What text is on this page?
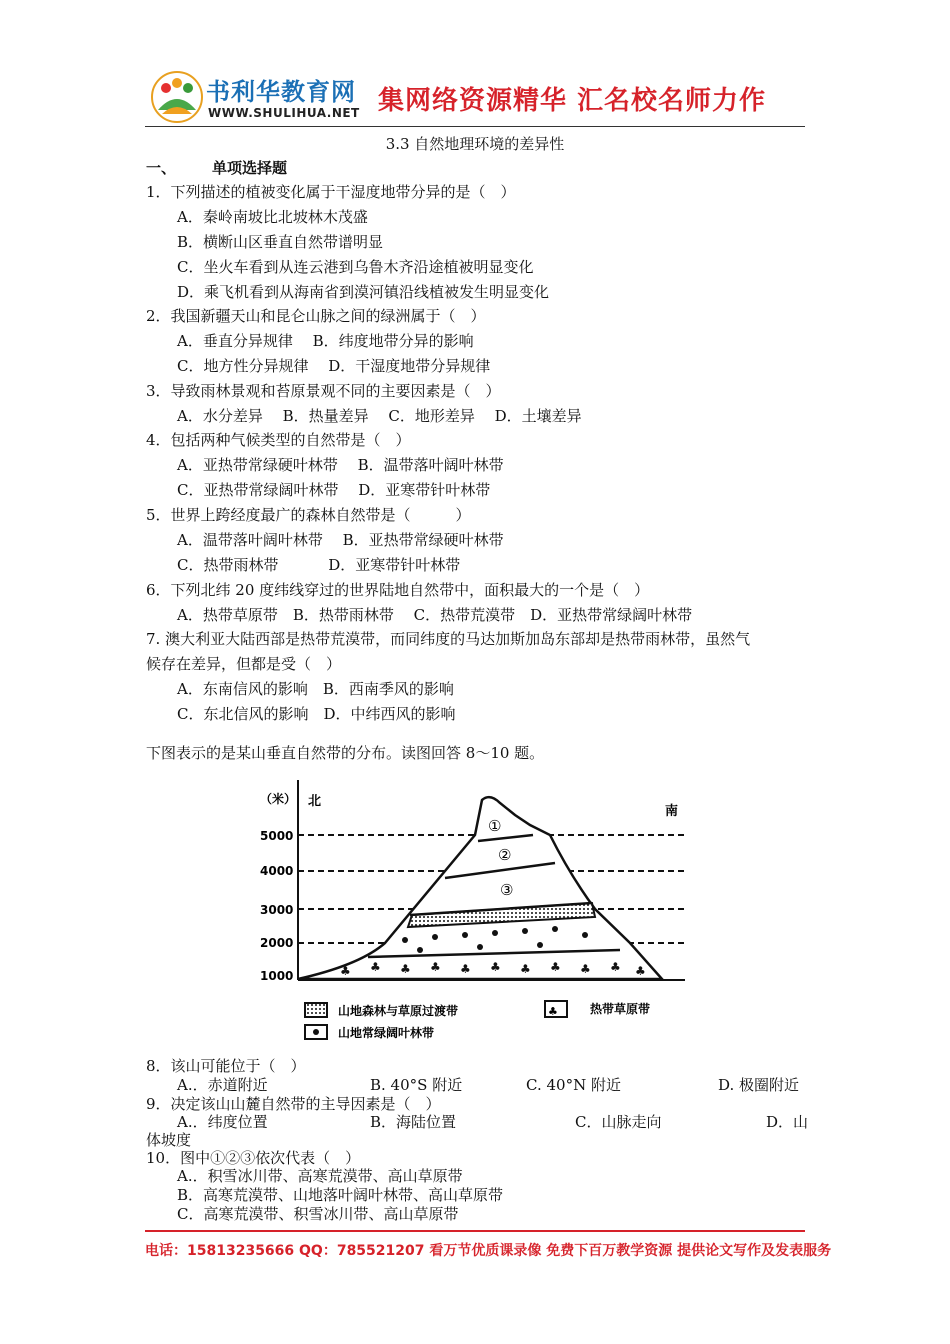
书利华教育网
WWW.SHULIHUA.NET 集网络资源精华 汇名校名师力作
3.3 自然地理环境的差异性
一、 单项选择题
1．下列描述的植被变化属于干湿度地带分异的是（　）
A．秦岭南坡比北坡林木茂盛
B．横断山区垂直自然带谱明显
C．坐火车看到从连云港到乌鲁木齐沿途植被明显变化
D．乘飞机看到从海南省到漠河镇沿线植被发生明显变化
2．我国新疆天山和昆仑山脉之间的绿洲属于（　）
A．垂直分异规律　 B．纬度地带分异的影响
C．地方性分异规律　 D．干湿度地带分异规律
3．导致雨林景观和苔原景观不同的主要因素是（　）
A．水分差异　 B．热量差异　 C．地形差异　 D．土壤差异
4．包括两种气候类型的自然带是（　）
A．亚热带常绿硬叶林带　 B．温带落叶阔叶林带
C．亚热带常绿阔叶林带　 D．亚寒带针叶林带
5．世界上跨经度最广的森林自然带是（　　　）
A．温带落叶阔叶林带　 B．亚热带常绿硬叶林带
C．热带雨林带　　　 D．亚寒带针叶林带
6．下列北纬 20 度纬线穿过的世界陆地自然带中，面积最大的一个是（　）
A．热带草原带　B．热带雨林带　 C．热带荒漠带　D．亚热带常绿阔叶林带
7. 澳大利亚大陆西部是热带荒漠带，而同纬度的马达加斯加岛东部却是热带雨林带，虽然气
候存在差异，但都是受（　）
A．东南信风的影响　B．西南季风的影响
C．东北信风的影响　D．中纬西风的影响
下图表示的是某山垂直自然带的分布。读图回答 8～10 题。
♣ ♣ ♣ ♣ ♣ ♣ ♣ ♣ ♣ ♣ ♣
（米） 北
南
5000
4000
3000
2000
1000
①
②
③
山地森林与草原过渡带	♣	热带草原带
山地常绿阔叶林带
8．该山可能位于（　）
A.．赤道附近	B. 40°S 附近	C. 40°N 附近	D. 极圈附近
9．决定该山山麓自然带的主导因素是（　）
A.．纬度位置	B．海陆位置	C．山脉走向	D．山
体坡度
10．图中①②③依次代表（　）
A.．积雪冰川带、高寒荒漠带、高山草原带
B．高寒荒漠带、山地落叶阔叶林带、高山草原带
C．高寒荒漠带、积雪冰川带、高山草原带
电话：15813235666 QQ：785521207 看万节优质课录像 免费下百万教学资源 提供论文写作及发表服务
